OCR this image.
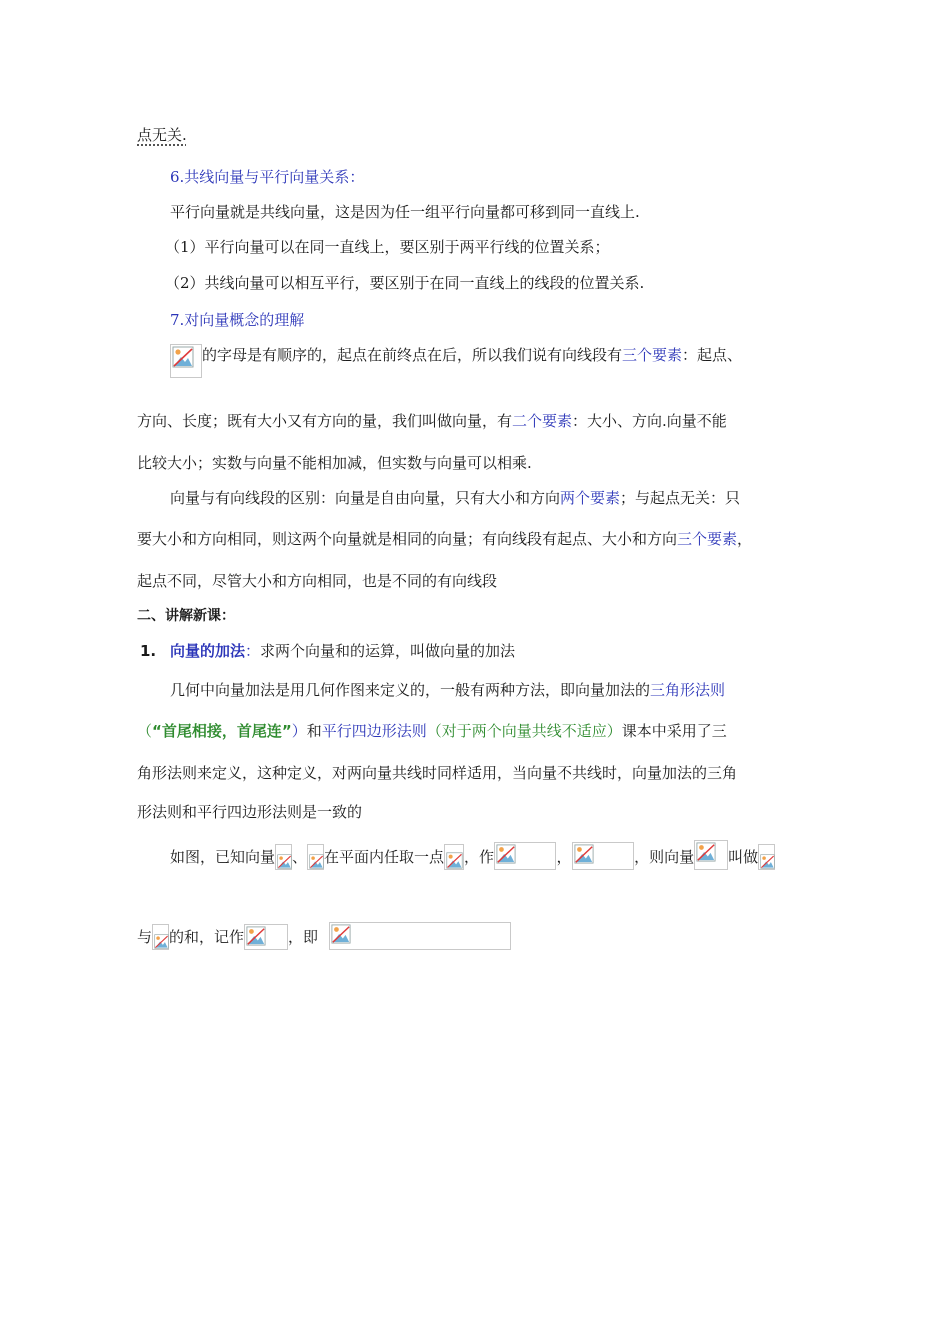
点无关.
6.共线向量与平行向量关系：
平行向量就是共线向量，这是因为任一组平行向量都可移到同一直线上.
（1）平行向量可以在同一直线上，要区别于两平行线的位置关系；
（2）共线向量可以相互平行，要区别于在同一直线上的线段的位置关系.
7.对向量概念的理解
的字母是有顺序的，起点在前终点在后，所以我们说有向线段有三个要素：起点、
方向、长度；既有大小又有方向的量，我们叫做向量，有二个要素：大小、方向.向量不能
比较大小；实数与向量不能相加减，但实数与向量可以相乘.
向量与有向线段的区别：向量是自由向量，只有大小和方向两个要素；与起点无关：只
要大小和方向相同，则这两个向量就是相同的向量；有向线段有起点、大小和方向三个要素，
起点不同，尽管大小和方向相同，也是不同的有向线段
二、讲解新课：
1. 向量的加法：求两个向量和的运算，叫做向量的加法
几何中向量加法是用几何作图来定义的，一般有两种方法，即向量加法的三角形法则
（“首尾相接，首尾连”）和平行四边形法则（对于两个向量共线不适应）课本中采用了三
角形法则来定义，这种定义，对两向量共线时同样适用，当向量不共线时，向量加法的三角
形法则和平行四边形法则是一致的
如图，已知向量 、 在平面内任取一点 ，作	，	，则向量 叫做
与 的和，记作	，即
